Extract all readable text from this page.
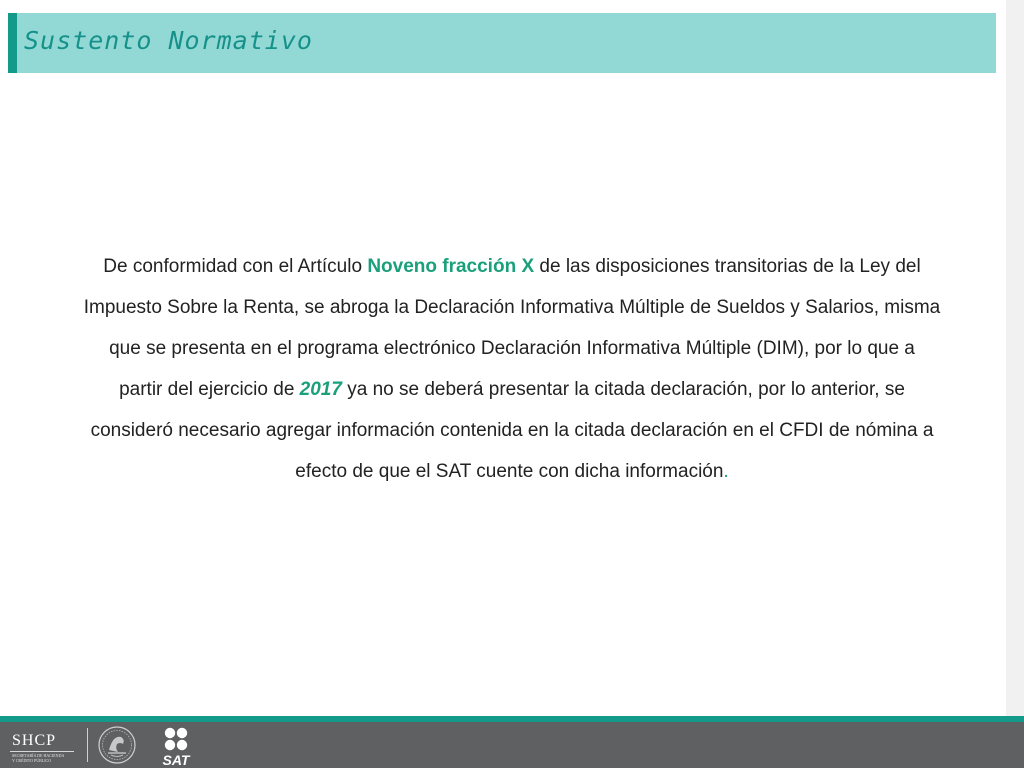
Sustento Normativo
De conformidad con el Artículo Noveno fracción X de las disposiciones transitorias de la Ley del
Impuesto Sobre la Renta, se abroga la Declaración Informativa Múltiple de Sueldos y Salarios, misma
que se presenta en el programa electrónico Declaración Informativa Múltiple (DIM), por lo que a
partir del ejercicio de 2017 ya no se deberá presentar la citada declaración, por lo anterior, se
consideró necesario agregar información contenida en la citada declaración en el CFDI de nómina a
efecto de que el SAT cuente con dicha información.
SHCP
SECRETARÍA DE HACIENDA
Y CRÉDITO PÚBLICO	SAT
